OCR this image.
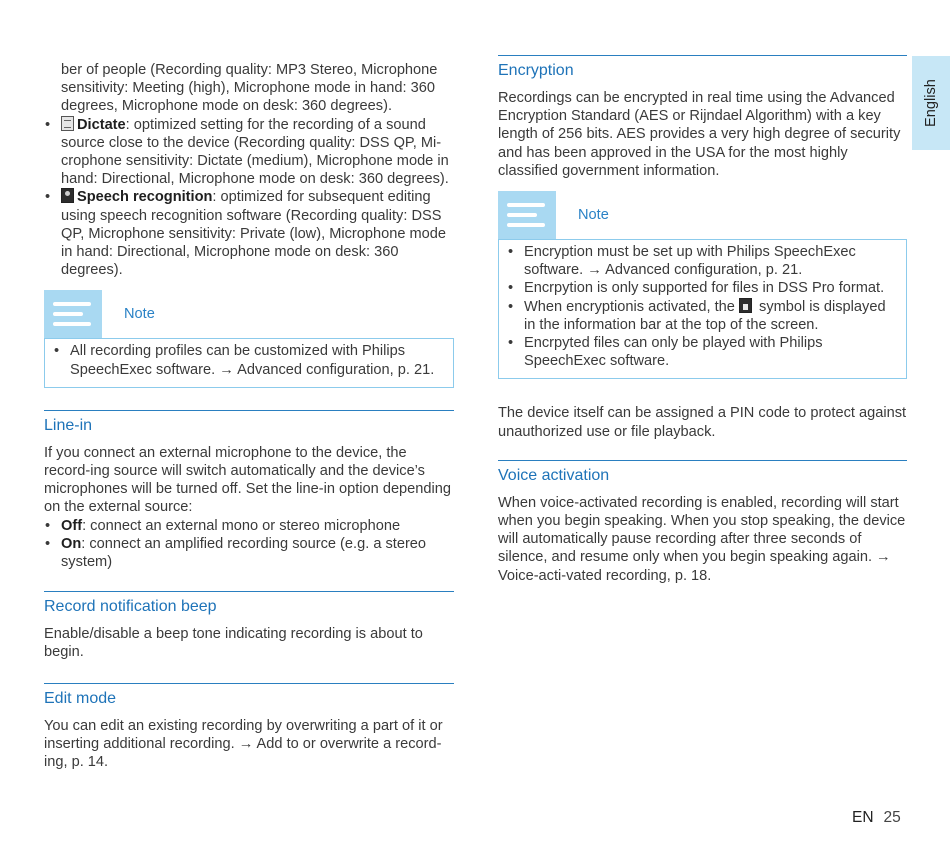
ber of people (Recording quality: MP3 Stereo, Microphone sensitivity: Meeting (high), Microphone mode in hand: 360 degrees, Microphone mode on desk: 360 degrees).

• Dictate: optimized setting for the recording of a sound source close to the device (Recording quality: DSS QP, Mi-crophone sensitivity: Dictate (medium), Microphone mode in hand: Directional, Microphone mode on desk: 360 degrees).
• Speech recognition: optimized for subsequent editing using speech recognition software (Recording quality: DSS QP, Microphone sensitivity: Private (low), Microphone mode in hand: Directional, Microphone mode on desk: 360 degrees).
Note
• All recording profiles can be customized with Philips SpeechExec software. → Advanced configuration, p. 21.
Line-in

If you connect an external microphone to the device, the record-ing source will switch automatically and the device’s microphones will be turned off. Set the line-in option depending on the external source:

• Off: connect an external mono or stereo microphone
• On: connect an amplified recording source (e.g. a stereo system)
Record notification beep

Enable/disable a beep tone indicating recording is about to begin.

Edit mode

You can edit an existing recording by overwriting a part of it or inserting additional recording. → Add to or overwrite a record-ing, p. 14.

Encryption

Recordings can be encrypted in real time using the Advanced Encryption Standard (AES or Rijndael Algorithm) with a key length of 256 bits. AES provides a very high degree of security and has been approved in the USA for the most highly classified government information.

Note
• Encryption must be set up with Philips SpeechExec software. → Advanced configuration, p. 21.
• Encrpytion is only supported for files in DSS Pro format.
• When encryptionis activated, the  symbol is displayed in the information bar at the top of the screen.
• Encrpyted files can only be played with Philips SpeechExec software.

The device itself can be assigned a PIN code to protect against unauthorized use or file playback.

Voice activation

When voice-activated recording is enabled, recording will start when you begin speaking. When you stop speaking, the device will automatically pause recording after three seconds of silence, and resume only when you begin speaking again. → Voice-acti-vated recording, p. 18.

English
EN 25
